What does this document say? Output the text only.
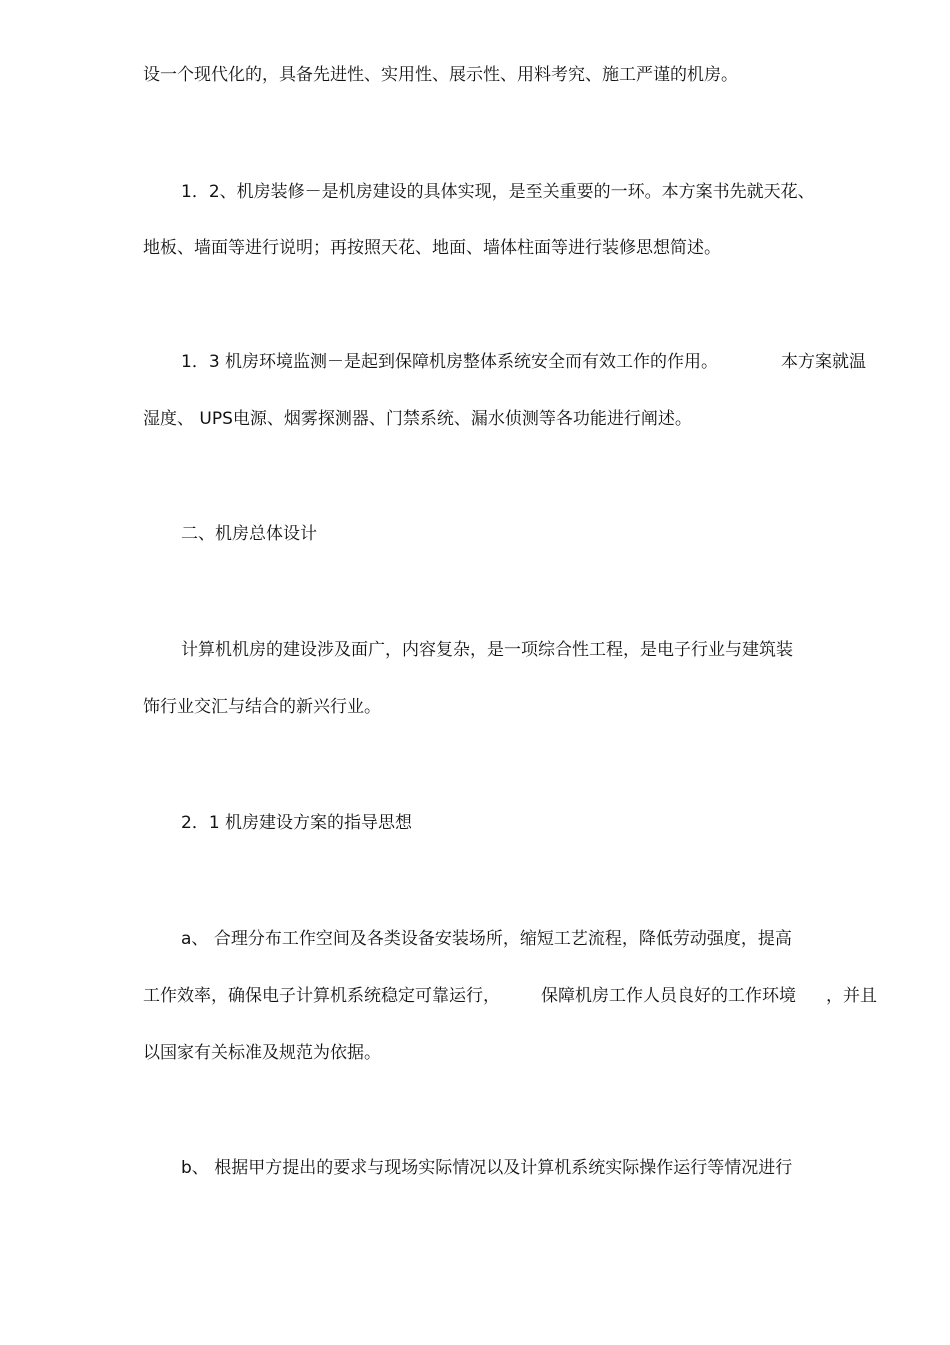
设一个现代化的，具备先进性、实用性、展示性、用料考究、施工严谨的机房。
1．2、机房装修－是机房建设的具体实现，是至关重要的一环。本方案书先就天花、
地板、墙面等进行说明；再按照天花、地面、墙体柱面等进行装修思想简述。
1．3 机房环境监测－是起到保障机房整体系统安全而有效工作的作用。	本方案就温
湿度、 UPS电源、烟雾探测器、门禁系统、漏水侦测等各功能进行阐述。
二、机房总体设计
计算机机房的建设涉及面广，内容复杂，是一项综合性工程，是电子行业与建筑装
饰行业交汇与结合的新兴行业。
2．1 机房建设方案的指导思想
a、 合理分布工作空间及各类设备安装场所，缩短工艺流程，降低劳动强度，提高
工作效率，确保电子计算机系统稳定可靠运行， 保障机房工作人员良好的工作环境 ，并且
以国家有关标准及规范为依据。
b、 根据甲方提出的要求与现场实际情况以及计算机系统实际操作运行等情况进行
